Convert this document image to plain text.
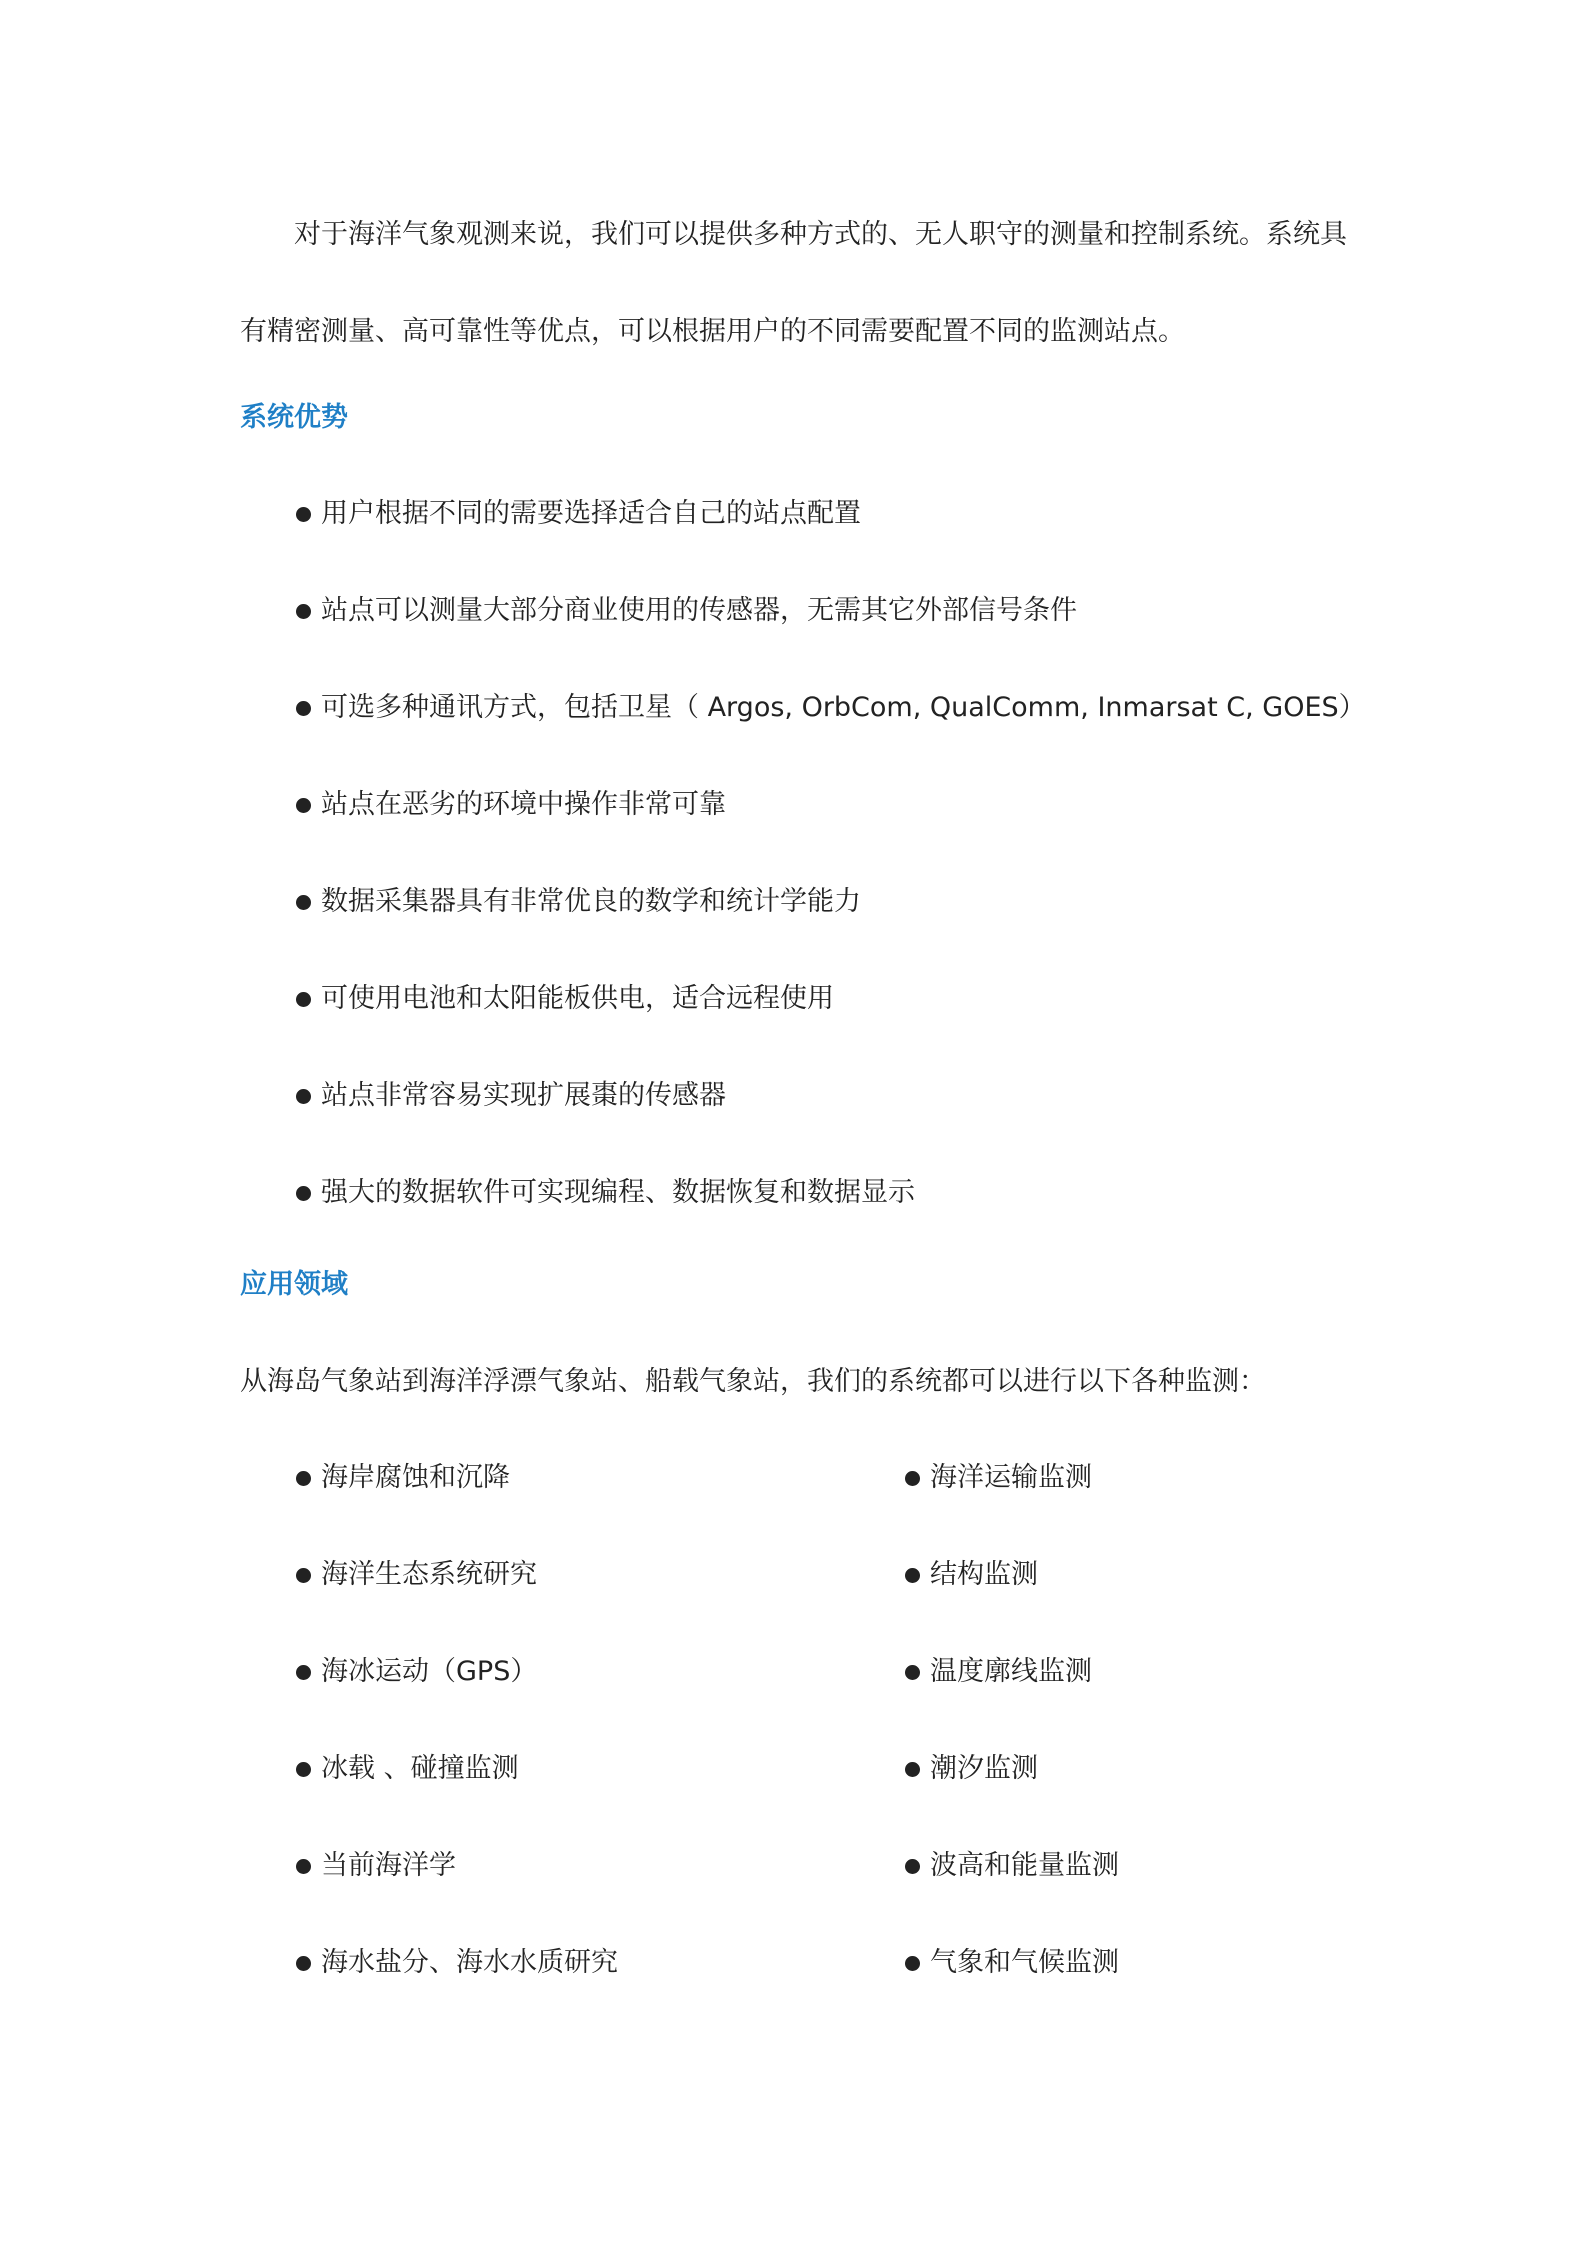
对于海洋气象观测来说，我们可以提供多种方式的、无人职守的测量和控制系统。系统具有精密测量、高可靠性等优点，可以根据用户的不同需要配置不同的监测站点。

系统优势
用户根据不同的需要选择适合自己的站点配置
站点可以测量大部分商业使用的传感器，无需其它外部信号条件
可选多种通讯方式，包括卫星（ Argos, OrbCom, QualComm, Inmarsat C, GOES）
站点在恶劣的环境中操作非常可靠
数据采集器具有非常优良的数学和统计学能力
可使用电池和太阳能板供电，适合远程使用
站点非常容易实现扩展棗的传感器
强大的数据软件可实现编程、数据恢复和数据显示
应用领域

从海岛气象站到海洋浮漂气象站、船载气象站，我们的系统都可以进行以下各种监测：

海岸腐蚀和沉降
海洋生态系统研究
海冰运动（GPS）
冰载 、碰撞监测
当前海洋学
海水盐分、海水水质研究
海洋运输监测
结构监测
温度廓线监测
潮汐监测
波高和能量监测
气象和气候监测
